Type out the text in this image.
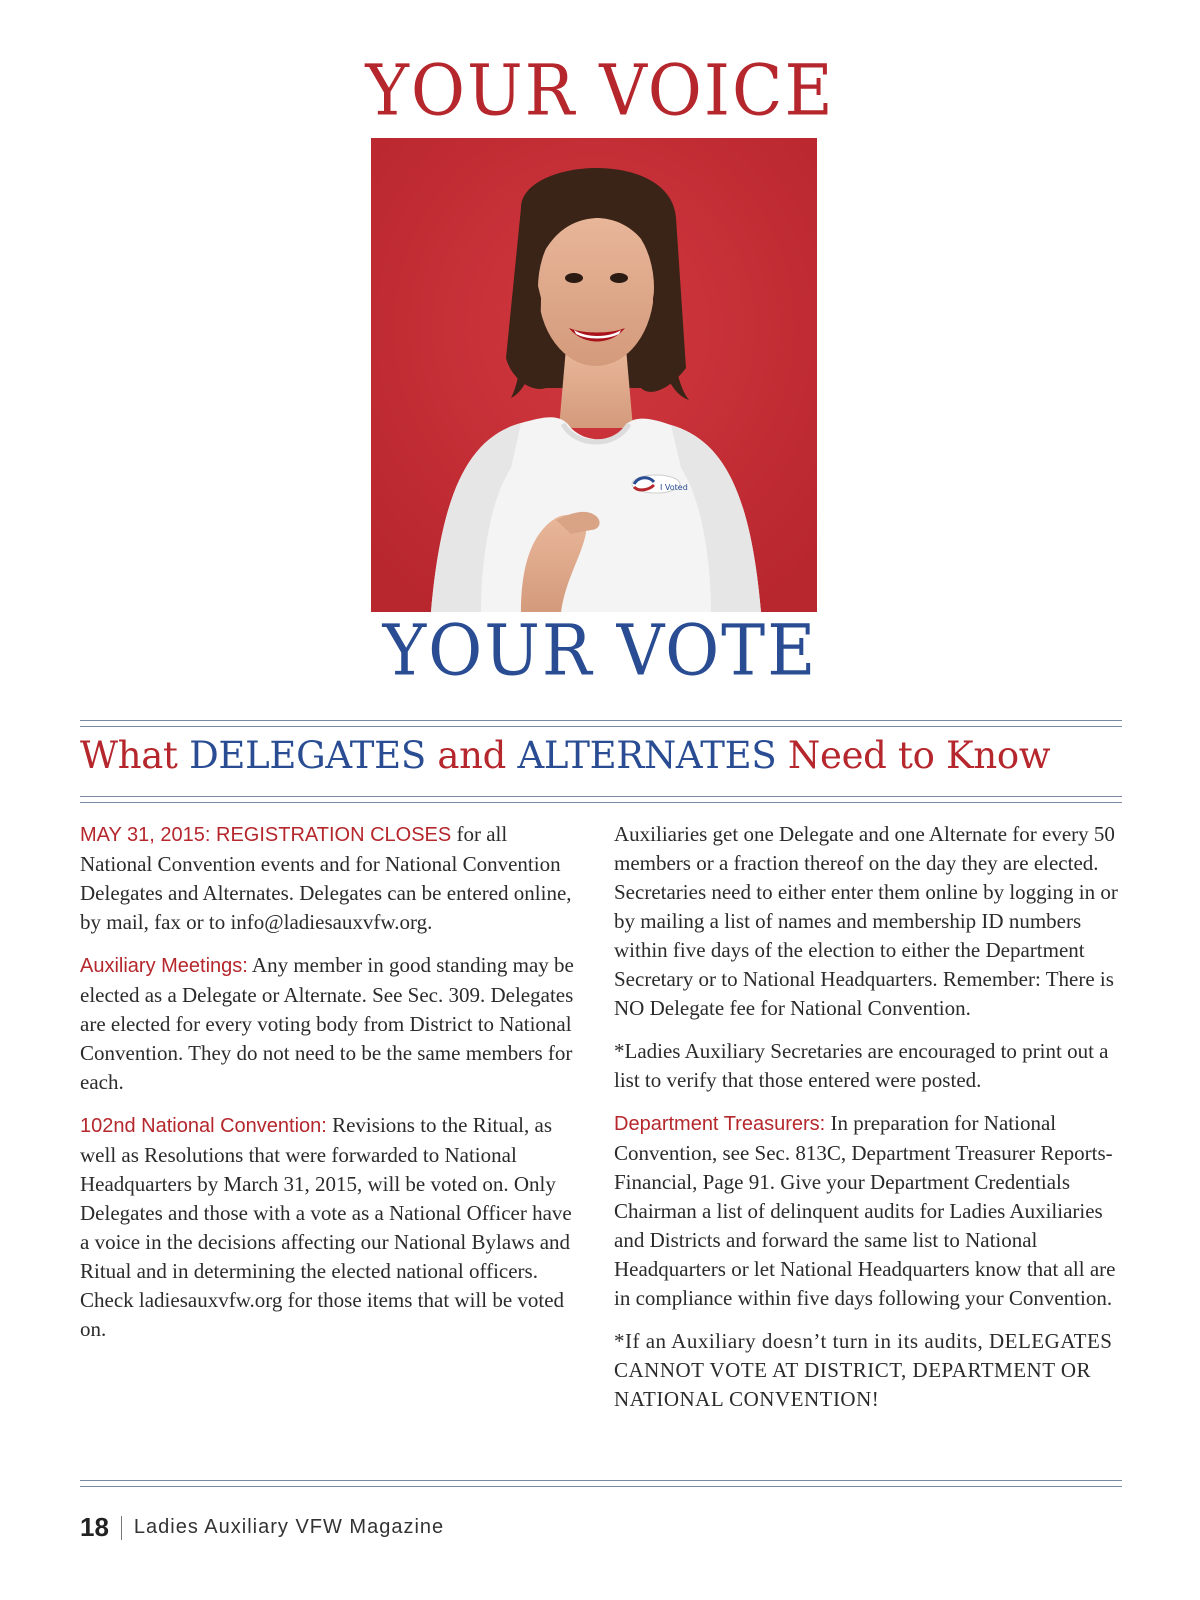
YOUR VOICE
I Voted
YOUR VOTE
What DELEGATES and ALTERNATES Need to Know

MAY 31, 2015: REGISTRATION CLOSES for all National Convention events and for National Convention Delegates and Alternates. Delegates can be entered online, by mail, fax or to info@ladiesauxvfw.org.

Auxiliary Meetings: Any member in good standing may be elected as a Delegate or Alternate. See Sec. 309. Delegates are elected for every voting body from District to National Convention. They do not need to be the same members for each.

102nd National Convention: Revisions to the Ritual, as well as Resolutions that were forwarded to National Headquarters by March 31, 2015, will be voted on. Only Delegates and those with a vote as a National Officer have a voice in the decisions affecting our National Bylaws and Ritual and in determining the elected national officers. Check ladiesauxvfw.org for those items that will be voted on.

Auxiliaries get one Delegate and one Alternate for every 50 members or a fraction thereof on the day they are elected. Secretaries need to either enter them online by logging in or by mailing a list of names and membership ID numbers within five days of the election to either the Department Secretary or to National Headquarters. Remember: There is NO Delegate fee for National Convention.

*Ladies Auxiliary Secretaries are encouraged to print out a list to verify that those entered were posted.

Department Treasurers: In preparation for National Convention, see Sec. 813C, Department Treasurer Reports-Financial, Page 91. Give your Department Credentials Chairman a list of delinquent audits for Ladies Auxiliaries and Districts and forward the same list to National Headquarters or let National Headquarters know that all are in compliance within five days following your Convention.

*If an Auxiliary doesn’t turn in its audits, DELEGATES CANNOT VOTE AT DISTRICT, DEPARTMENT OR NATIONAL CONVENTION!

18 Ladies Auxiliary VFW Magazine
